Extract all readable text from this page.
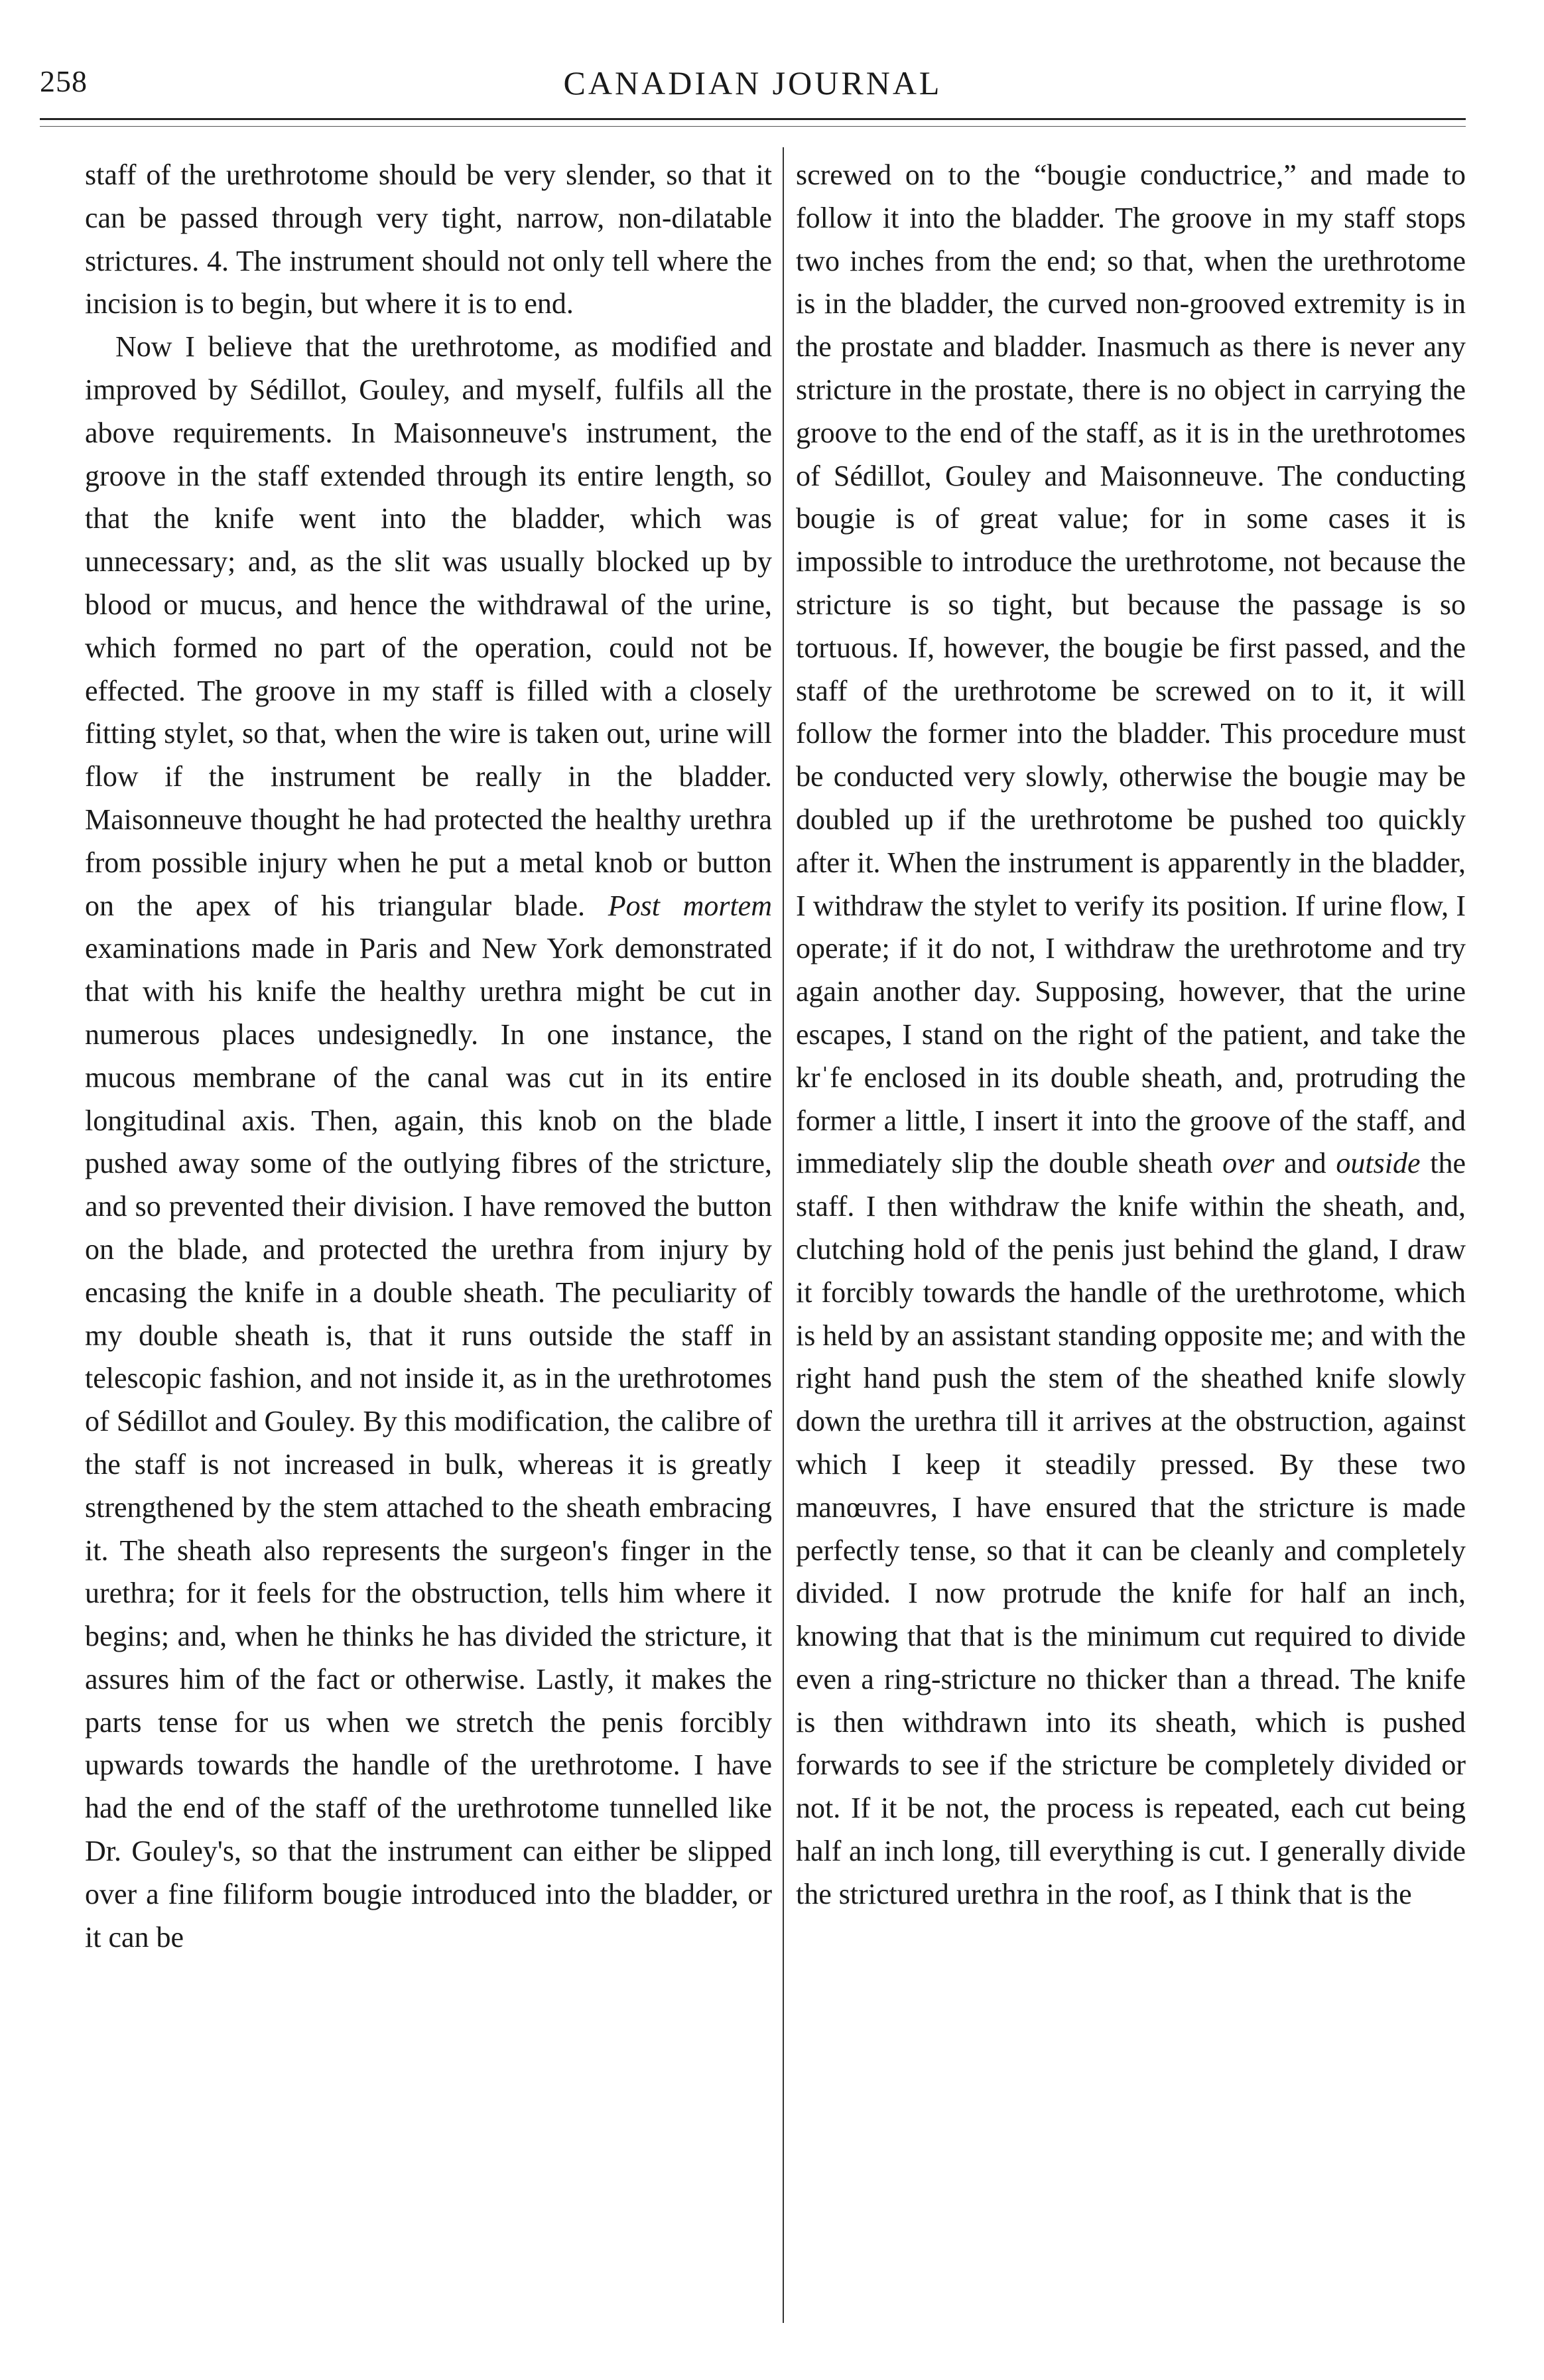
258	CANADIAN JOURNAL

staff of the urethrotome should be very slender, so that it can be passed through very tight, narrow, non-dilatable strictures. 4. The instrument should not only tell where the incision is to begin, but where it is to end.

Now I believe that the urethrotome, as modified and improved by Sédillot, Gouley, and myself, fulfils all the above requirements. In Maisonneuve's instrument, the groove in the staff extended through its entire length, so that the knife went into the bladder, which was unnecessary; and, as the slit was usually blocked up by blood or mucus, and hence the withdrawal of the urine, which formed no part of the operation, could not be effected. The groove in my staff is filled with a closely fitting stylet, so that, when the wire is taken out, urine will flow if the instrument be really in the bladder. Maisonneuve thought he had protected the healthy urethra from possible injury when he put a metal knob or button on the apex of his triangular blade. Post mortem examinations made in Paris and New York demonstrated that with his knife the healthy urethra might be cut in numerous places undesignedly. In one instance, the mucous membrane of the canal was cut in its entire longitudinal axis. Then, again, this knob on the blade pushed away some of the outlying fibres of the stricture, and so prevented their division. I have removed the button on the blade, and protected the urethra from injury by encasing the knife in a double sheath. The peculiarity of my double sheath is, that it runs outside the staff in telescopic fashion, and not inside it, as in the urethrotomes of Sédillot and Gouley. By this modification, the calibre of the staff is not increased in bulk, whereas it is greatly strengthened by the stem attached to the sheath embracing it. The sheath also represents the surgeon's finger in the urethra; for it feels for the obstruction, tells him where it begins; and, when he thinks he has divided the stricture, it assures him of the fact or otherwise. Lastly, it makes the parts tense for us when we stretch the penis forcibly upwards towards the handle of the urethrotome. I have had the end of the staff of the urethrotome tunnelled like Dr. Gouley's, so that the instrument can either be slipped over a fine filiform bougie introduced into the bladder, or it can be

screwed on to the “bougie conductrice,” and made to follow it into the bladder. The groove in my staff stops two inches from the end; so that, when the urethrotome is in the bladder, the curved non-grooved extremity is in the prostate and bladder. Inasmuch as there is never any stricture in the prostate, there is no object in carrying the groove to the end of the staff, as it is in the urethrotomes of Sédillot, Gouley and Maisonneuve. The conducting bougie is of great value; for in some cases it is impossible to introduce the urethrotome, not because the stricture is so tight, but because the passage is so tortuous. If, however, the bougie be first passed, and the staff of the urethrotome be screwed on to it, it will follow the former into the bladder. This procedure must be conducted very slowly, otherwise the bougie may be doubled up if the urethrotome be pushed too quickly after it. When the instrument is apparently in the bladder, I withdraw the stylet to verify its position. If urine flow, I operate; if it do not, I withdraw the urethrotome and try again another day. Supposing, however, that the urine escapes, I stand on the right of the patient, and take the krˈfe enclosed in its double sheath, and, protruding the former a little, I insert it into the groove of the staff, and immediately slip the double sheath over and outside the staff. I then withdraw the knife within the sheath, and, clutching hold of the penis just behind the gland, I draw it forcibly towards the handle of the urethrotome, which is held by an assistant standing opposite me; and with the right hand push the stem of the sheathed knife slowly down the urethra till it arrives at the obstruction, against which I keep it steadily pressed. By these two manœuvres, I have ensured that the stricture is made perfectly tense, so that it can be cleanly and completely divided. I now protrude the knife for half an inch, knowing that that is the minimum cut required to divide even a ring-stricture no thicker than a thread. The knife is then withdrawn into its sheath, which is pushed forwards to see if the stricture be completely divided or not. If it be not, the process is repeated, each cut being half an inch long, till everything is cut. I generally divide the strictured urethra in the roof, as I think that is the
